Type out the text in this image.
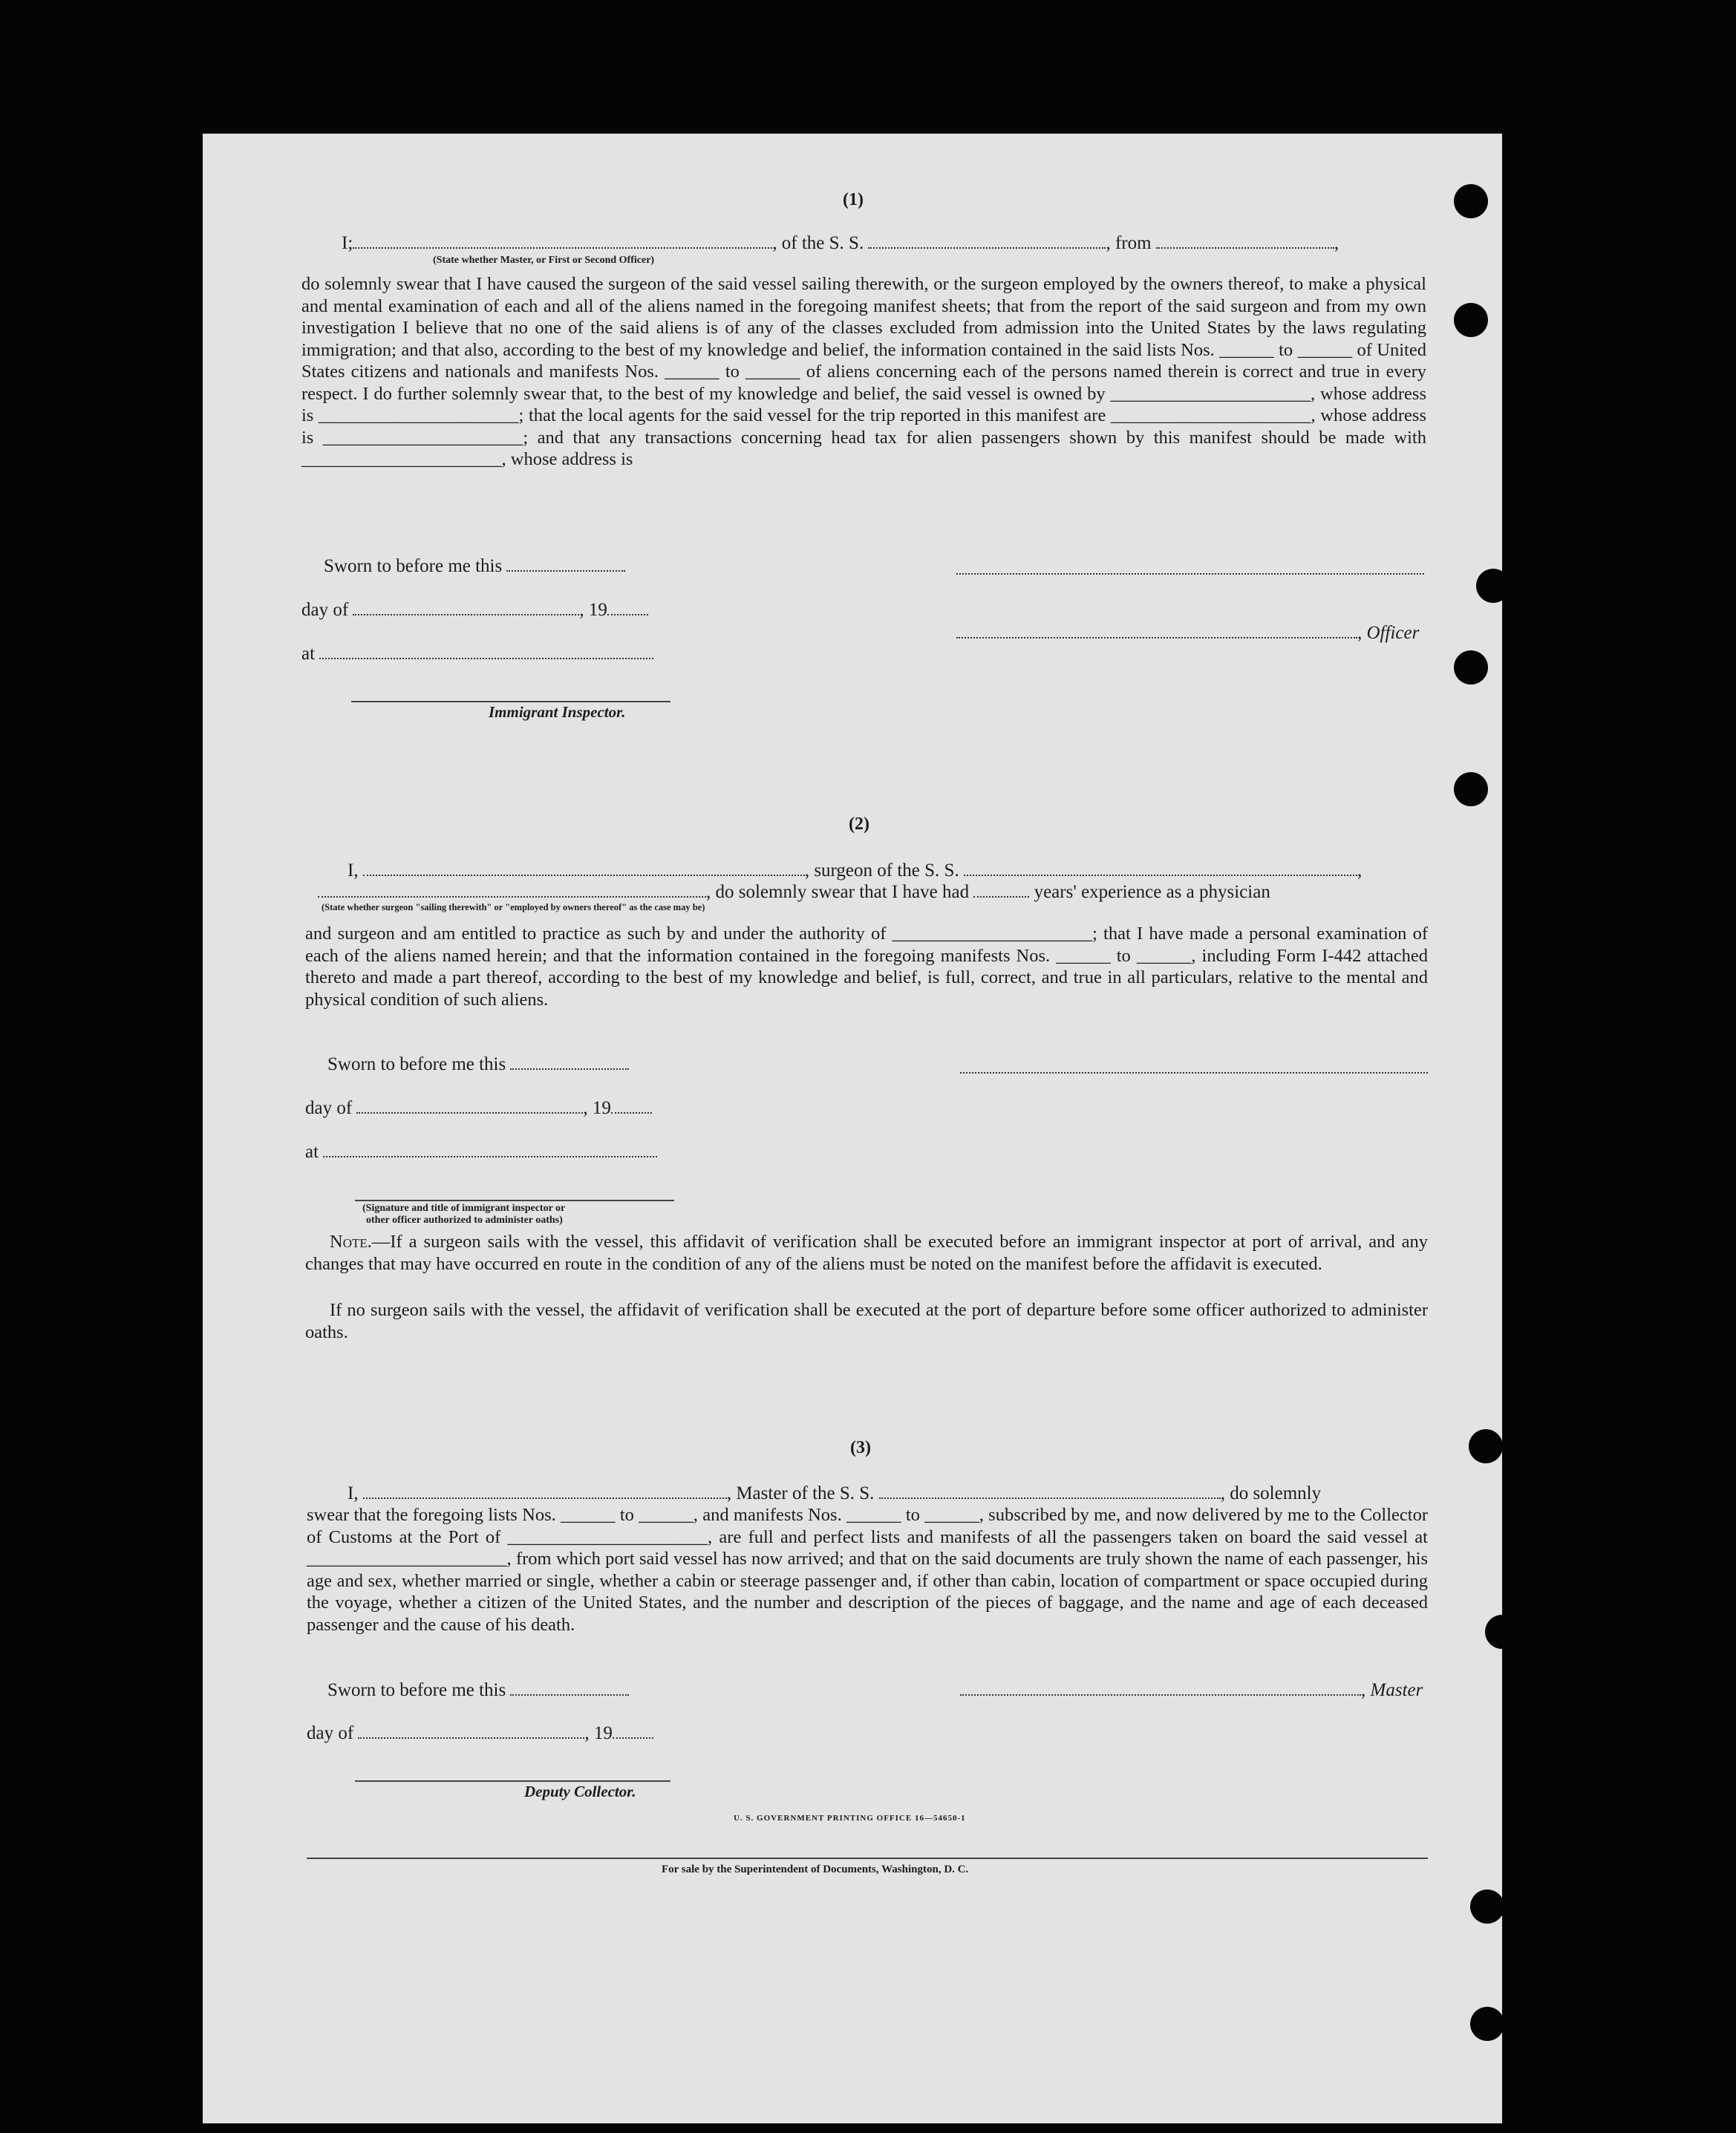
(1)
I;	, of the S. S.	, from	,
(State whether Master, or First or Second Officer)
do solemnly swear that I have caused the surgeon of the said vessel sailing therewith, or the surgeon employed by the owners thereof, to make a physical and mental examination of each and all of the aliens named in the foregoing manifest sheets; that from the report of the said surgeon and from my own investigation I believe that no one of the said aliens is of any of the classes excluded from admission into the United States by the laws regulating immigration; and that also, according to the best of my knowledge and belief, the information contained in the said lists Nos. ______ to ______ of United States citizens and nationals and manifests Nos. ______ to ______ of aliens concerning each of the persons named therein is correct and true in every respect. I do further solemnly swear that, to the best of my knowledge and belief, the said vessel is owned by ______________________, whose address is ______________________; that the local agents for the said vessel for the trip reported in this manifest are ______________________, whose address is ______________________; and that any transactions concerning head tax for alien passengers shown by this manifest should be made with ______________________, whose address is
Sworn to before me this
day of	, 19
, Officer
at
Immigrant Inspector.
(2)
I,	, surgeon of the S. S.	,
, do solemnly swear that I have had	years' experience as a physician
(State whether surgeon "sailing therewith" or "employed by owners thereof" as the case may be)
and surgeon and am entitled to practice as such by and under the authority of ______________________; that I have made a personal examination of each of the aliens named herein; and that the information contained in the foregoing manifests Nos. ______ to ______, including Form I-442 attached thereto and made a part thereof, according to the best of my knowledge and belief, is full, correct, and true in all particulars, relative to the mental and physical condition of such aliens.
Sworn to before me this
day of	, 19
at
(Signature and title of immigrant inspector or
other officer authorized to administer oaths)
Note.—If a surgeon sails with the vessel, this affidavit of verification shall be executed before an immigrant inspector at port of arrival, and any changes that may have occurred en route in the condition of any of the aliens must be noted on the manifest before the affidavit is executed.
If no surgeon sails with the vessel, the affidavit of verification shall be executed at the port of departure before some officer authorized to administer oaths.
(3)
I,	, Master of the S. S.	, do solemnly
swear that the foregoing lists Nos. ______ to ______, and manifests Nos. ______ to ______, subscribed by me, and now delivered by me to the Collector of Customs at the Port of ______________________, are full and perfect lists and manifests of all the passengers taken on board the said vessel at ______________________, from which port said vessel has now arrived; and that on the said documents are truly shown the name of each passenger, his age and sex, whether married or single, whether a cabin or steerage passenger and, if other than cabin, location of compartment or space occupied during the voyage, whether a citizen of the United States, and the number and description of the pieces of baggage, and the name and age of each deceased passenger and the cause of his death.
Sworn to before me this	, Master
day of	, 19
Deputy Collector.
U. S. GOVERNMENT PRINTING OFFICE 16—54650-1
For sale by the Superintendent of Documents, Washington, D. C.
